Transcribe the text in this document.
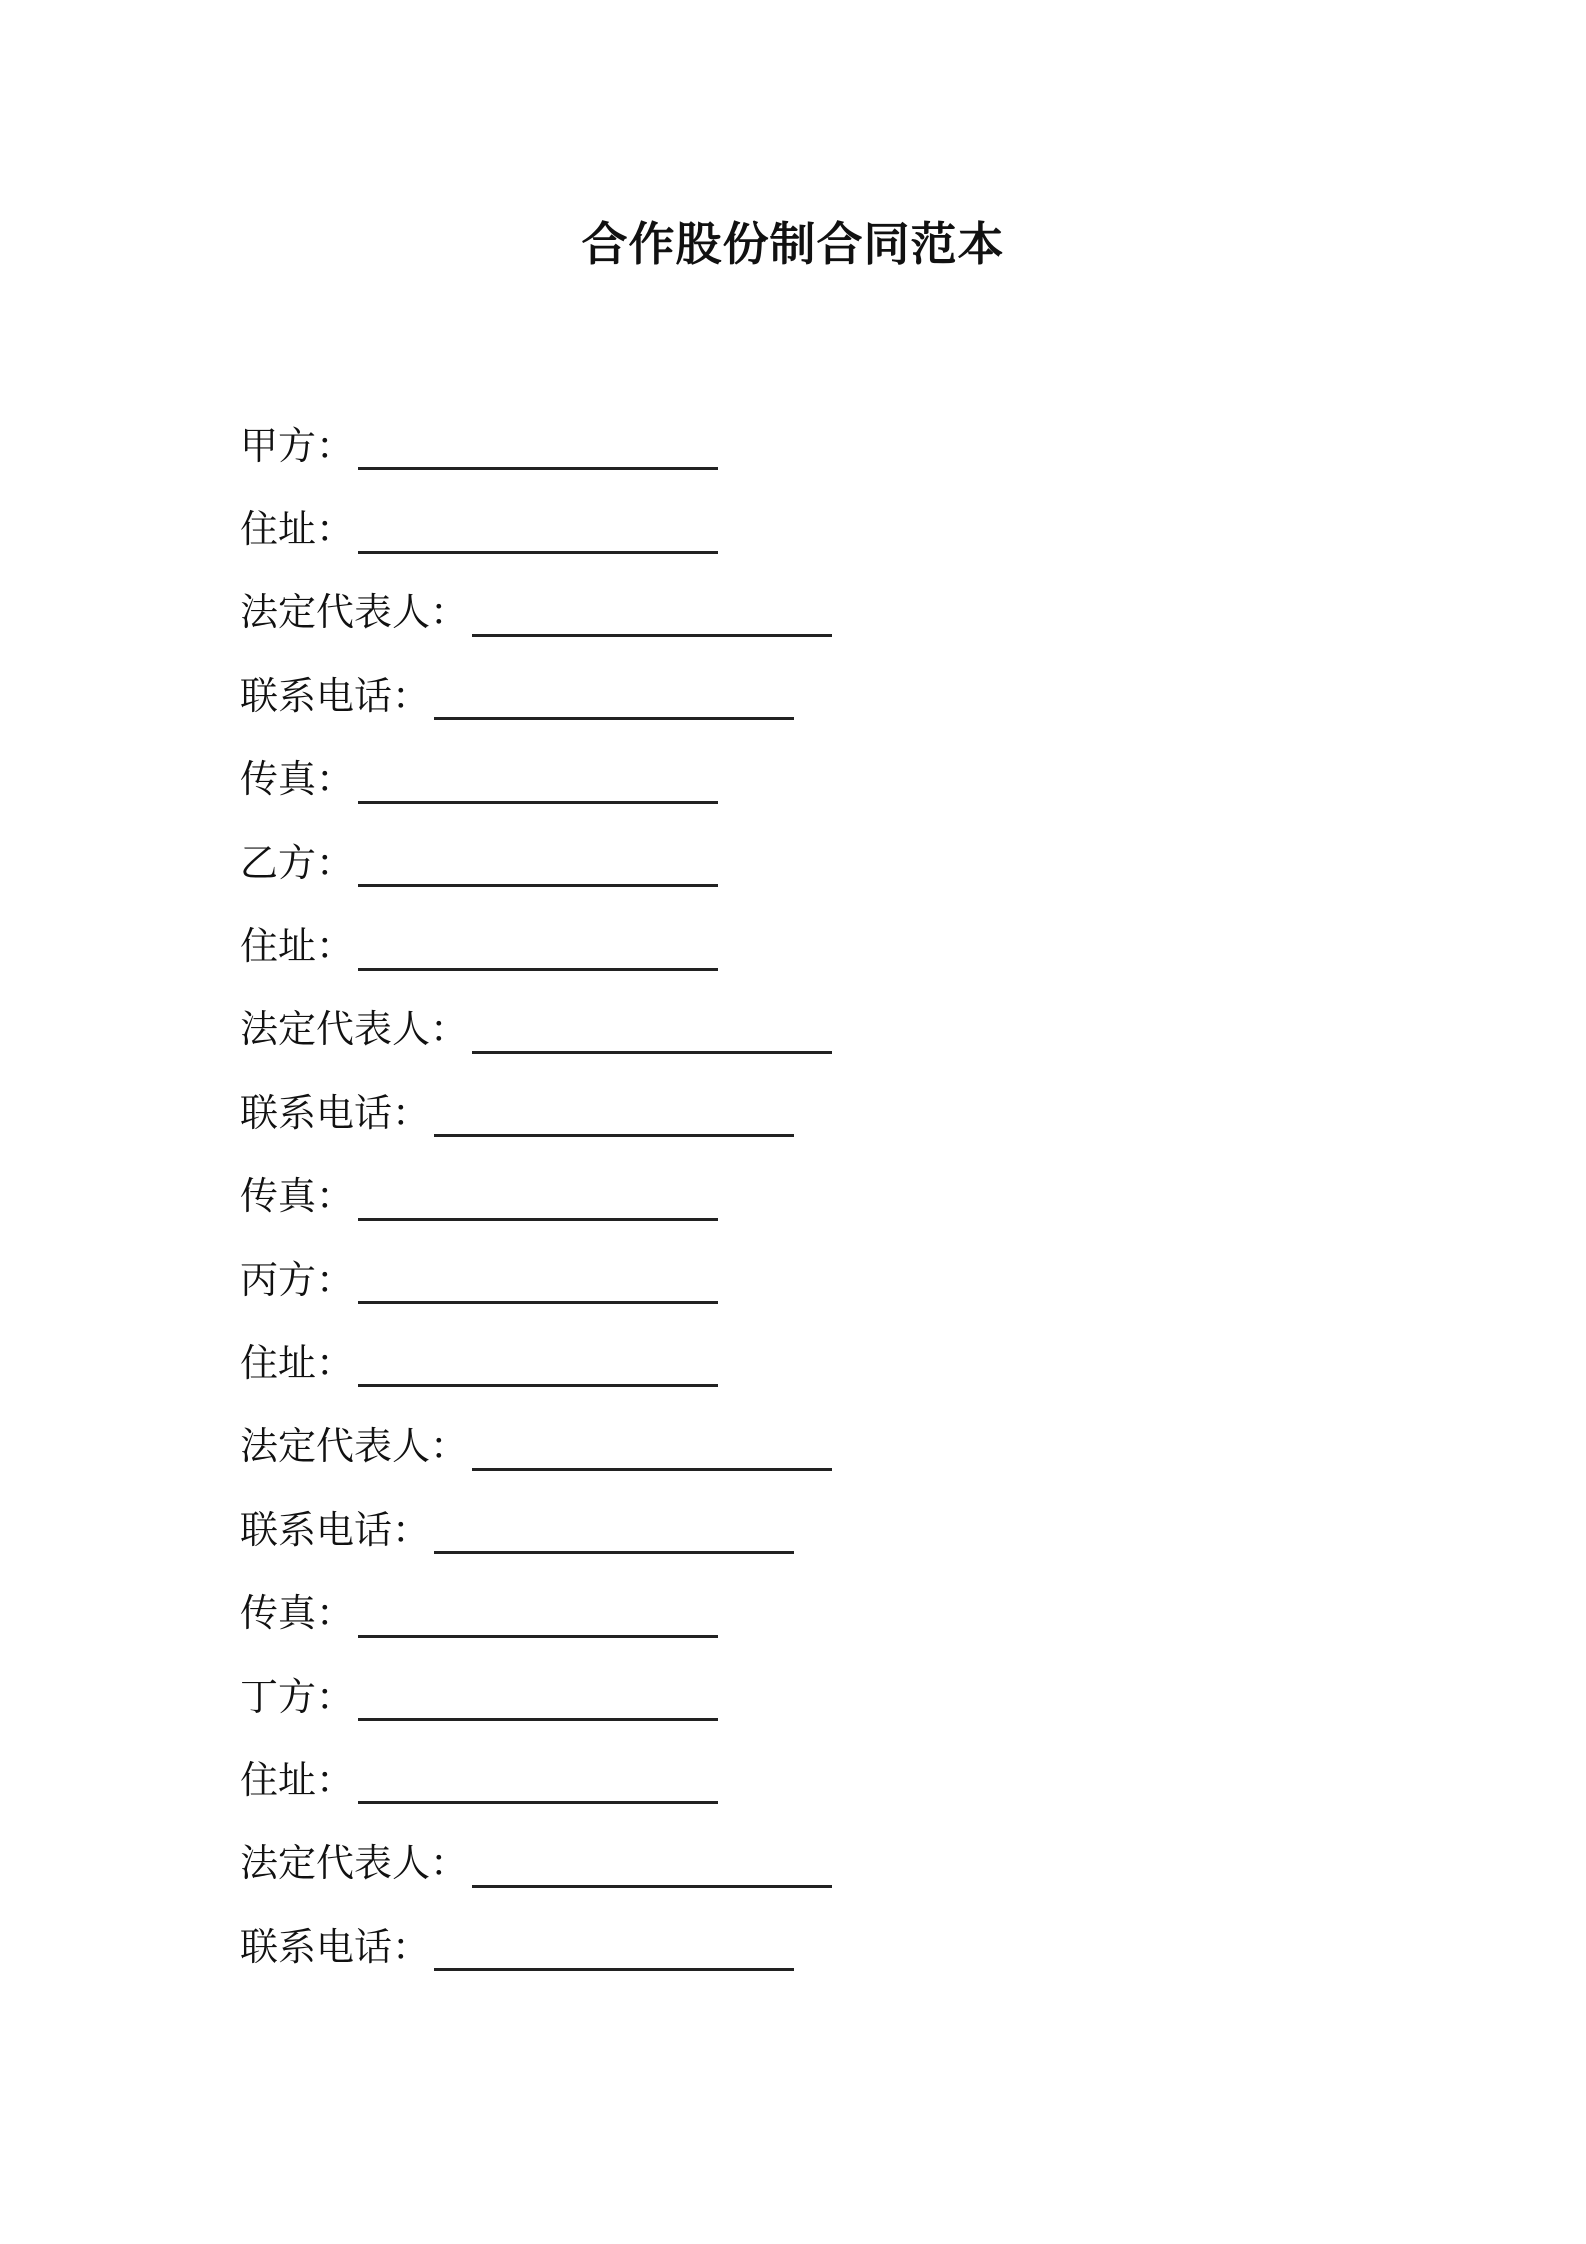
合作股份制合同范本
甲方：
住址：
法定代表人：
联系电话：
传真：
乙方：
住址：
法定代表人：
联系电话：
传真：
丙方：
住址：
法定代表人：
联系电话：
传真：
丁方：
住址：
法定代表人：
联系电话：
